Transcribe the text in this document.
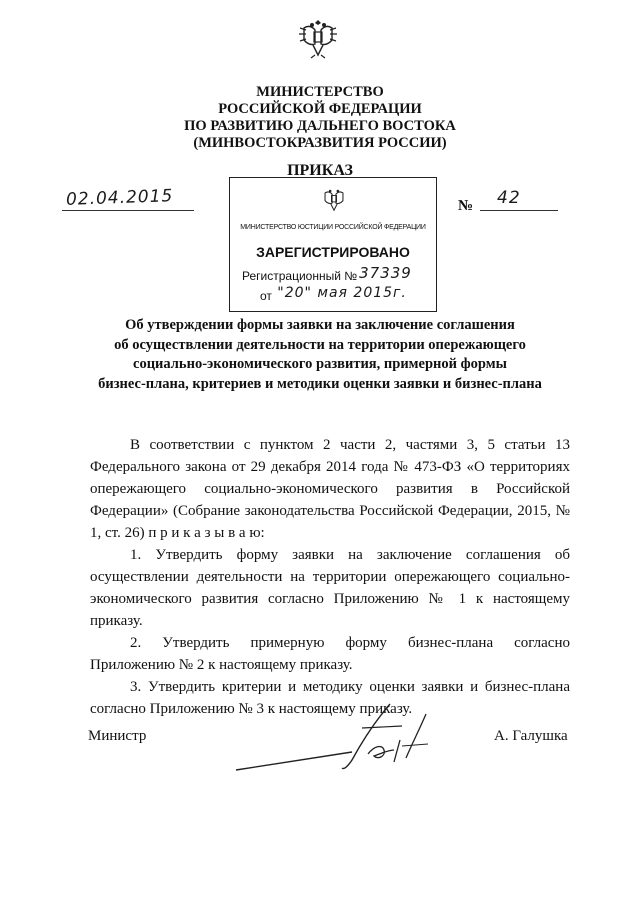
МИНИСТЕРСТВО
РОССИЙСКОЙ ФЕДЕРАЦИИ
ПО РАЗВИТИЮ ДАЛЬНЕГО ВОСТОКА
(МИНВОСТОКРАЗВИТИЯ РОССИИ)
ПРИКАЗ
02.04.2015	№ 42
МИНИСТЕРСТВО ЮСТИЦИИ РОССИЙСКОЙ ФЕДЕРАЦИИ
ЗАРЕГИСТРИРОВАНО
Регистрационный № 37339
от "20" мая 2015г.
Об утверждении формы заявки на заключение соглашения
об осуществлении деятельности на территории опережающего
социально-экономического развития, примерной формы
бизнес-плана, критериев и методики оценки заявки и бизнес-плана

В соответствии с пунктом 2 части 2, частями 3, 5 статьи 13 Федерального закона от 29 декабря 2014 года № 473-ФЗ «О территориях опережающего социально-экономического развития в Российской Федерации» (Собрание законодательства Российской Федерации, 2015, № 1, ст. 26) п р и к а з ы в а ю:

1. Утвердить форму заявки на заключение соглашения об осуществлении деятельности на территории опережающего социально-экономического развития согласно Приложению № 1 к настоящему приказу.

2. Утвердить примерную форму бизнес-плана согласно Приложению № 2 к настоящему приказу.

3. Утвердить критерии и методику оценки заявки и бизнес-плана согласно Приложению № 3 к настоящему приказу.

Министр	А. Галушка
